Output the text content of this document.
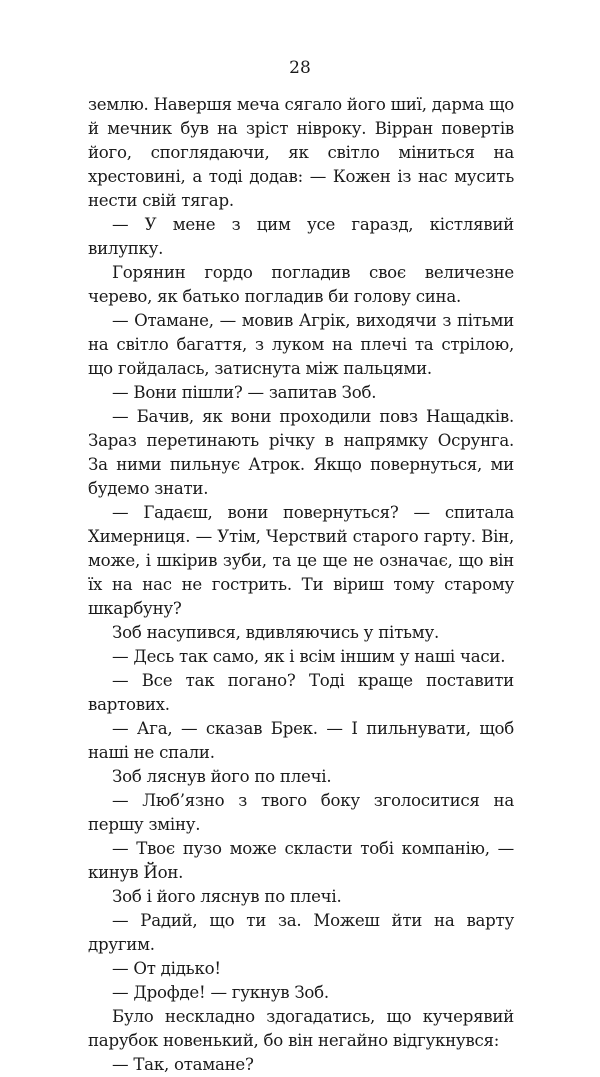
28

землю. Навершя меча сягало його шиї, дарма що й мечник був на зріст нівроку. Вірран повертів його, споглядаючи, як світло міниться на хрестовині, а тоді додав: — Кожен із нас мусить нести свій тягар.

— У мене з цим усе гаразд, кістлявий вилупку.

Горянин гордо погладив своє величезне черево, як батько погладив би голову сина.

— Отамане, — мовив Агрік, виходячи з пітьми на світло багаття, з луком на плечі та стрілою, що гойдалась, затиснута між пальцями.

— Вони пішли? — запитав Зоб.

— Бачив, як вони проходили повз Нащадків. Зараз перетинають річку в напрямку Осрунга. За ними пильнує Атрок. Якщо повернуться, ми будемо знати.

— Гадаєш, вони повернуться? — спитала Химерниця. — Утім, Черствий старого гарту. Він, може, і шкірив зуби, та це ще не означає, що він їх на нас не гострить. Ти віриш тому старому шкарбуну?

Зоб насупився, вдивляючись у пітьму.

— Десь так само, як і всім іншим у наші часи.

— Все так погано? Тоді краще поставити вартових.

— Ага, — сказав Брек. — І пильнувати, щоб наші не спали.

Зоб ляснув його по плечі.

— Люб’язно з твого боку зголоситися на першу зміну.

— Твоє пузо може скласти тобі компанію, — кинув Йон.

Зоб і його ляснув по плечі.

— Радий, що ти за. Можеш йти на варту другим.

— От дідько!

— Дрофде! — гукнув Зоб.

Було нескладно здогадатись, що кучерявий парубок новенький, бо він негайно відгукнувся:

— Так, отамане?
